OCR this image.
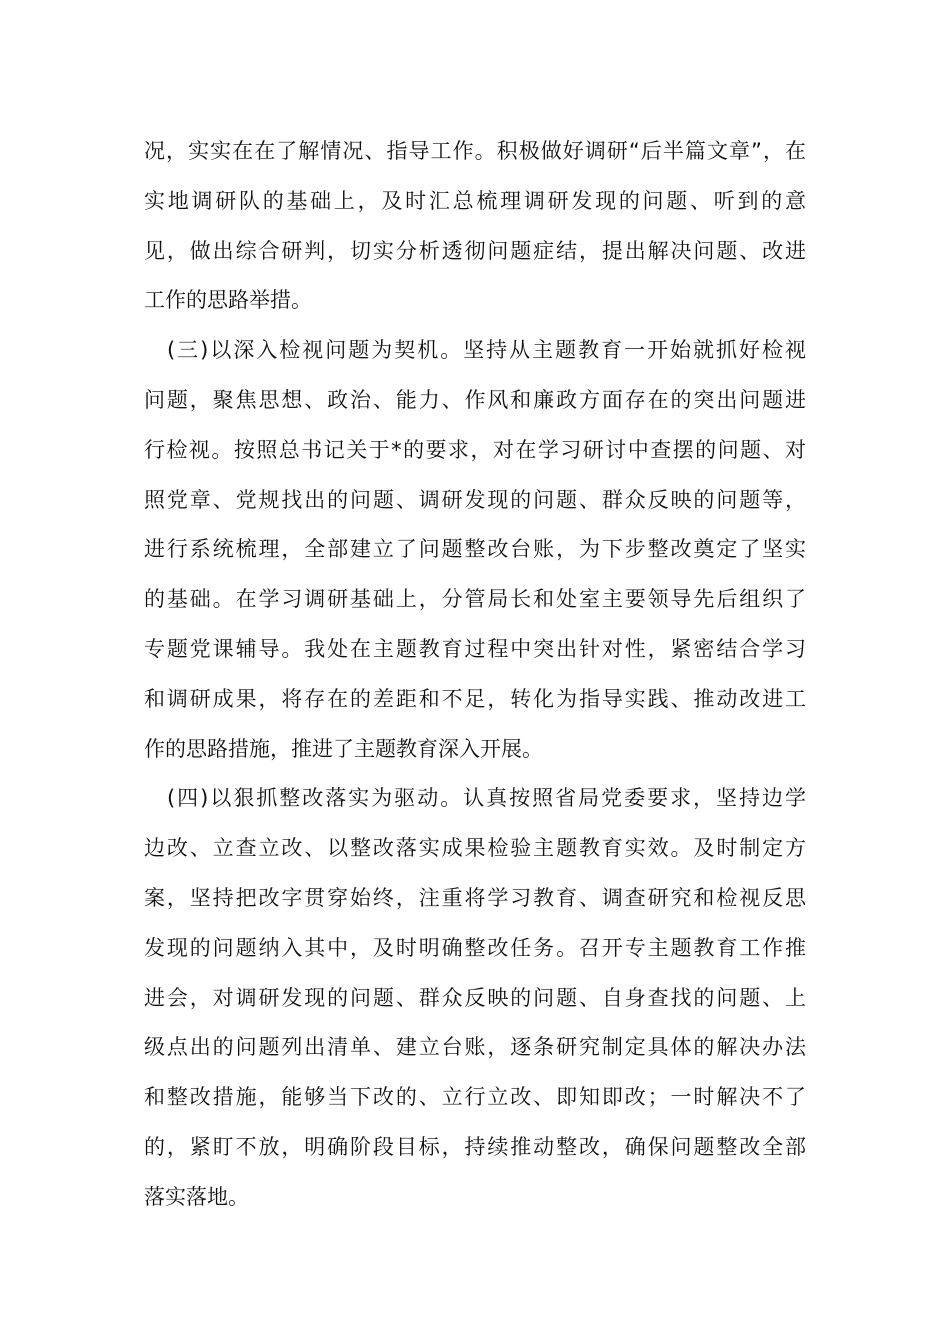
况，实实在在了解情况、指导工作。积极做好调研“后半篇文章”，在
实地调研队的基础上，及时汇总梳理调研发现的问题、听到的意
见，做出综合研判，切实分析透彻问题症结，提出解决问题、改进
工作的思路举措。
(三)以深入检视问题为契机。坚持从主题教育一开始就抓好检视
问题，聚焦思想、政治、能力、作风和廉政方面存在的突出问题进
行检视。按照总书记关于*的要求，对在学习研讨中查摆的问题、对
照党章、党规找出的问题、调研发现的问题、群众反映的问题等，
进行系统梳理，全部建立了问题整改台账，为下步整改奠定了坚实
的基础。在学习调研基础上，分管局长和处室主要领导先后组织了
专题党课辅导。我处在主题教育过程中突出针对性，紧密结合学习
和调研成果，将存在的差距和不足，转化为指导实践、推动改进工
作的思路措施，推进了主题教育深入开展。
(四)以狠抓整改落实为驱动。认真按照省局党委要求，坚持边学
边改、立查立改、以整改落实成果检验主题教育实效。及时制定方
案，坚持把改字贯穿始终，注重将学习教育、调查研究和检视反思
发现的问题纳入其中，及时明确整改任务。召开专主题教育工作推
进会，对调研发现的问题、群众反映的问题、自身查找的问题、上
级点出的问题列出清单、建立台账，逐条研究制定具体的解决办法
和整改措施，能够当下改的、立行立改、即知即改；一时解决不了
的，紧盯不放，明确阶段目标，持续推动整改，确保问题整改全部
落实落地。
